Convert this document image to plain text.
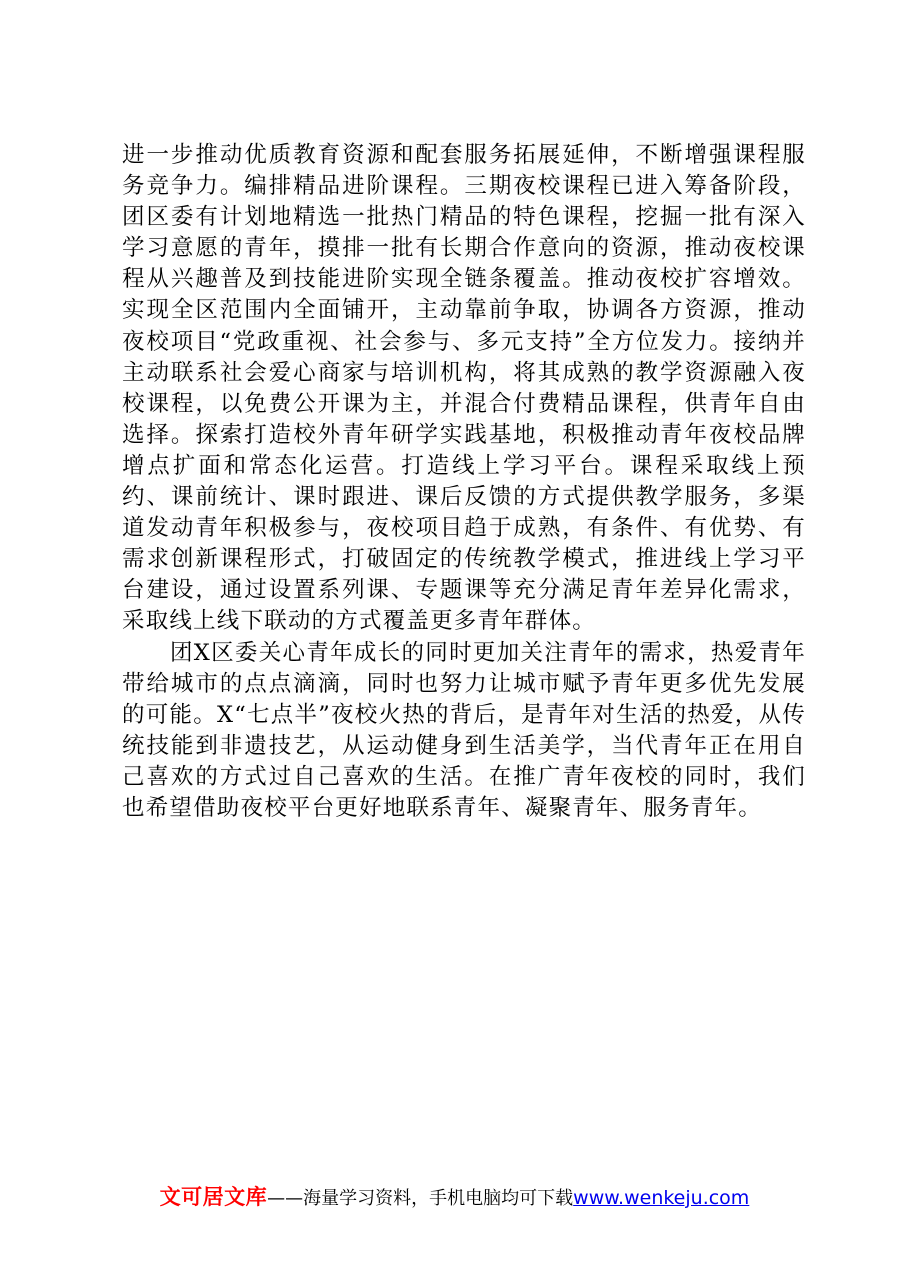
进一步推动优质教育资源和配套服务拓展延伸，不断增强课程服务竞争力。编排精品进阶课程。三期夜校课程已进入筹备阶段，团区委有计划地精选一批热门精品的特色课程，挖掘一批有深入学习意愿的青年，摸排一批有长期合作意向的资源，推动夜校课程从兴趣普及到技能进阶实现全链条覆盖。推动夜校扩容增效。实现全区范围内全面铺开，主动靠前争取，协调各方资源，推动夜校项目“党政重视、社会参与、多元支持”全方位发力。接纳并主动联系社会爱心商家与培训机构，将其成熟的教学资源融入夜校课程，以免费公开课为主，并混合付费精品课程，供青年自由选择。探索打造校外青年研学实践基地，积极推动青年夜校品牌增点扩面和常态化运营。打造线上学习平台。课程采取线上预约、课前统计、课时跟进、课后反馈的方式提供教学服务，多渠道发动青年积极参与，夜校项目趋于成熟，有条件、有优势、有需求创新课程形式，打破固定的传统教学模式，推进线上学习平台建设，通过设置系列课、专题课等充分满足青年差异化需求，采取线上线下联动的方式覆盖更多青年群体。

团X区委关心青年成长的同时更加关注青年的需求，热爱青年带给城市的点点滴滴，同时也努力让城市赋予青年更多优先发展的可能。X“七点半”夜校火热的背后，是青年对生活的热爱，从传统技能到非遗技艺，从运动健身到生活美学，当代青年正在用自己喜欢的方式过自己喜欢的生活。在推广青年夜校的同时，我们也希望借助夜校平台更好地联系青年、凝聚青年、服务青年。

文可居文库——海量学习资料，手机电脑均可下载www.wenkeju.com
